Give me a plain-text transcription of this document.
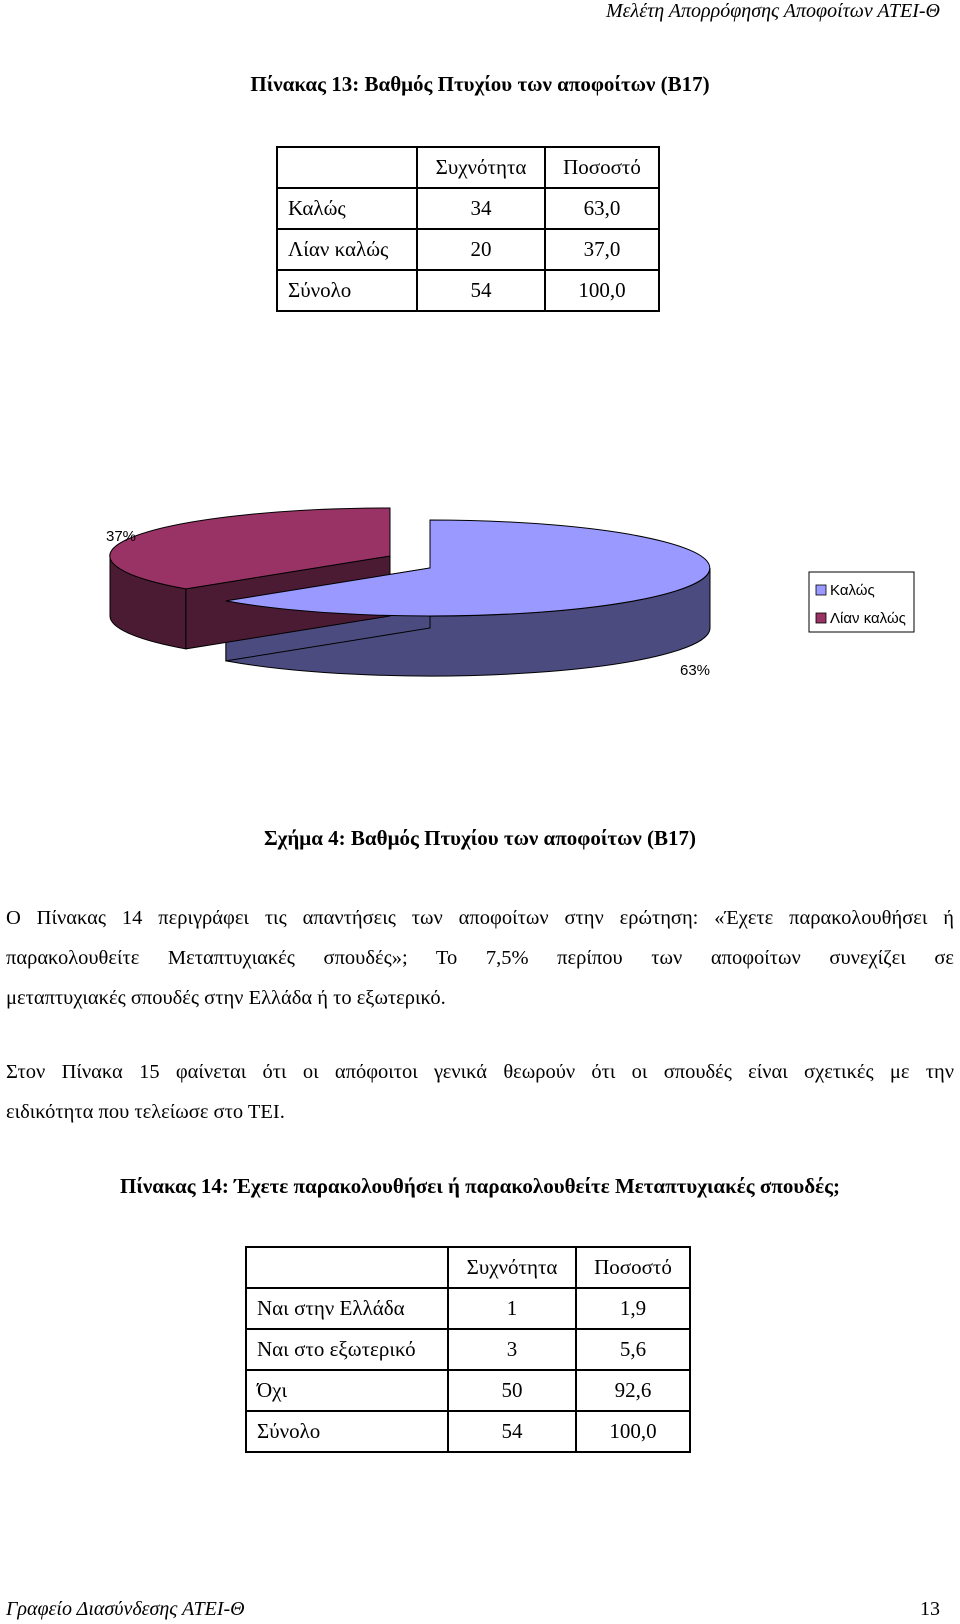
Μελέτη Απορρόφησης Αποφοίτων ΑΤΕΙ-Θ
Πίνακας 13: Βαθμός Πτυχίου των αποφοίτων (Β17)
	Συχνότητα	Ποσοστό
Καλώς	34	63,0
Λίαν καλώς	20	37,0
Σύνολο	54	100,0
63%
37%
Καλώς
Λίαν καλώς
Σχήμα 4: Βαθμός Πτυχίου των αποφοίτων (Β17)
Ο Πίνακας 14 περιγράφει τις απαντήσεις των αποφοίτων στην ερώτηση: «Έχετε παρακολουθήσει ή
παρακολουθείτε Μεταπτυχιακές σπουδές»; Το 7,5% περίπου των αποφοίτων συνεχίζει σε
μεταπτυχιακές σπουδές στην Ελλάδα ή το εξωτερικό.
Στον Πίνακα 15 φαίνεται ότι οι απόφοιτοι γενικά θεωρούν ότι οι σπουδές είναι σχετικές με την
ειδικότητα που τελείωσε στο ΤΕΙ.
Πίνακας 14: Έχετε παρακολουθήσει ή παρακολουθείτε Μεταπτυχιακές σπουδές;
	Συχνότητα	Ποσοστό
Ναι στην Ελλάδα	1	1,9
Ναι στο εξωτερικό	3	5,6
Όχι	50	92,6
Σύνολο	54	100,0
Γραφείο Διασύνδεσης ΑΤΕΙ-Θ	13
